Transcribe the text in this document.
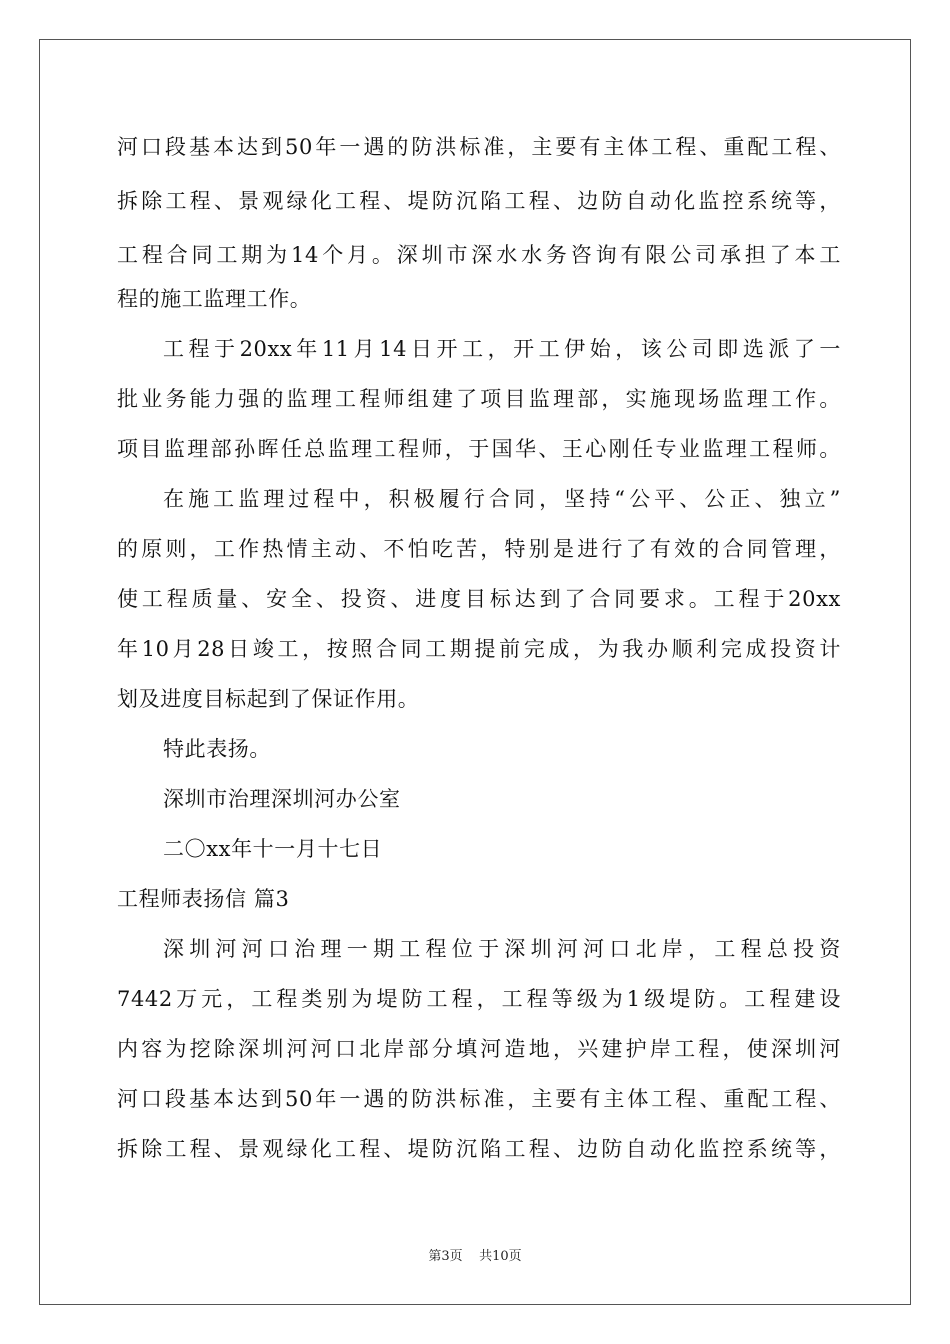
河口段基本达到50年一遇的防洪标准，主要有主体工程、重配工程、
拆除工程、景观绿化工程、堤防沉陷工程、边防自动化监控系统等，
工程合同工期为14个月。深圳市深水水务咨询有限公司承担了本工
程的施工监理工作。
工程于20xx年11月14日开工，开工伊始，该公司即选派了一
批业务能力强的监理工程师组建了项目监理部，实施现场监理工作。
项目监理部孙晖任总监理工程师，于国华、王心刚任专业监理工程师。
在施工监理过程中，积极履行合同，坚持“公平、公正、独立”
的原则，工作热情主动、不怕吃苦，特别是进行了有效的合同管理，
使工程质量、安全、投资、进度目标达到了合同要求。工程于20xx
年10月28日竣工，按照合同工期提前完成，为我办顺利完成投资计
划及进度目标起到了保证作用。
特此表扬。
深圳市治理深圳河办公室
二〇xx年十一月十七日
工程师表扬信 篇3
深圳河河口治理一期工程位于深圳河河口北岸，工程总投资
7442万元，工程类别为堤防工程，工程等级为1级堤防。工程建设
内容为挖除深圳河河口北岸部分填河造地，兴建护岸工程，使深圳河
河口段基本达到50年一遇的防洪标准，主要有主体工程、重配工程、
拆除工程、景观绿化工程、堤防沉陷工程、边防自动化监控系统等，
第3页 共10页
